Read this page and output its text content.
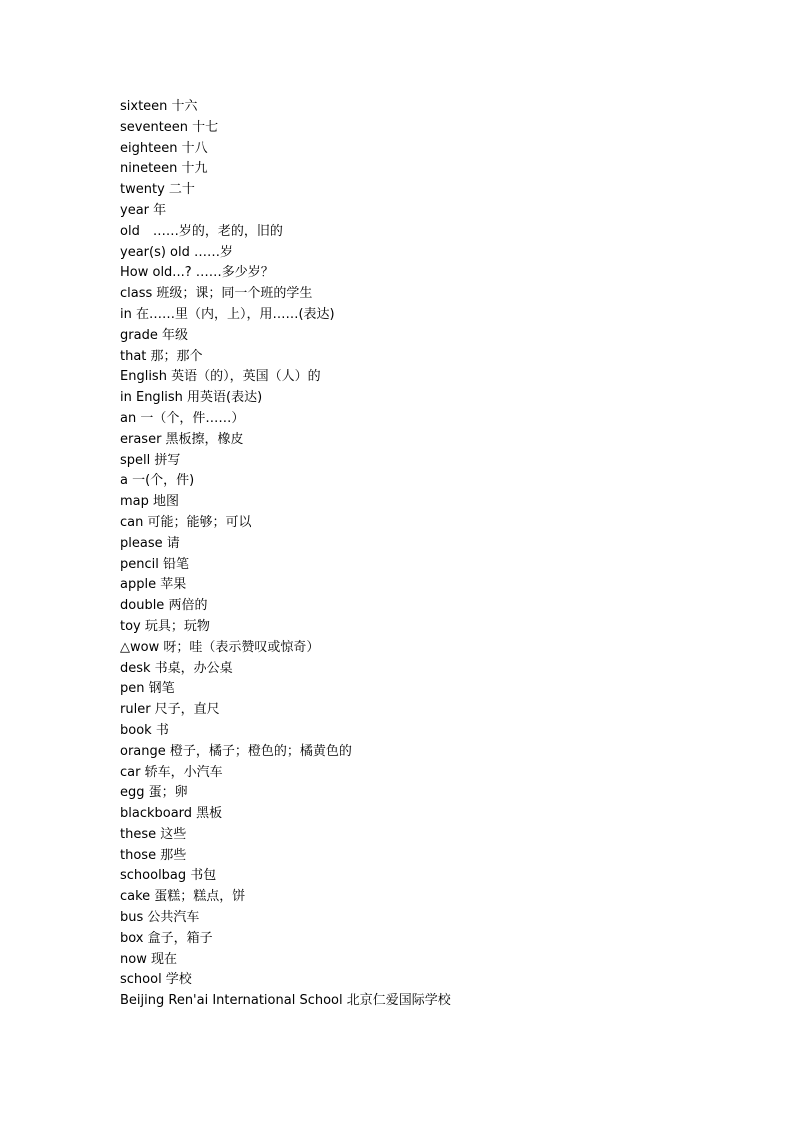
sixteen 十六
seventeen 十七
eighteen 十八
nineteen 十九
twenty 二十
year 年
old　……岁的，老的，旧的
year(s) old ……岁
How old...? ……多少岁？
class 班级；课；同一个班的学生
in 在……里（内，上），用……(表达)
grade 年级
that 那；那个
English 英语（的），英国（人）的
in English 用英语(表达)
an 一（个，件……）
eraser 黑板擦，橡皮
spell 拼写
a 一(个，件)
map 地图
can 可能；能够；可以
please 请
pencil 铅笔
apple 苹果
double 两倍的
toy 玩具；玩物
△wow 呀；哇（表示赞叹或惊奇）
desk 书桌，办公桌
pen 钢笔
ruler 尺子，直尺
book 书
orange 橙子，橘子；橙色的；橘黄色的
car 轿车，小汽车
egg 蛋；卵
blackboard 黑板
these 这些
those 那些
schoolbag 书包
cake 蛋糕；糕点，饼
bus 公共汽车
box 盒子，箱子
now 现在
school 学校
Beijing Ren'ai International School 北京仁爱国际学校
